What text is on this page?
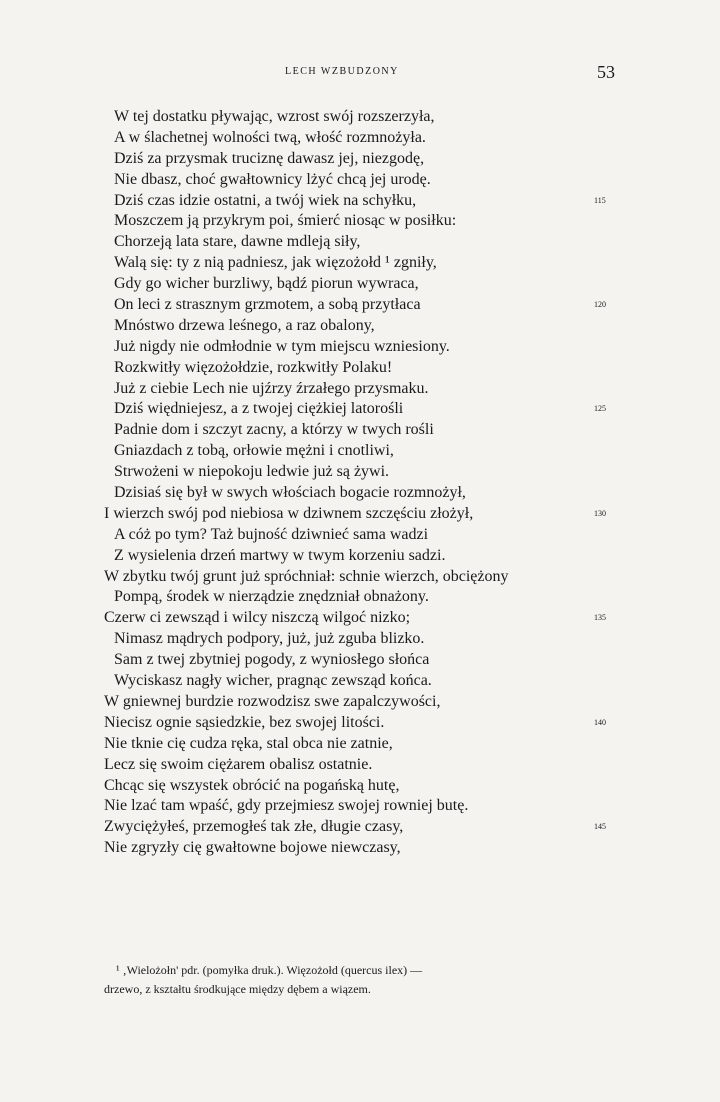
LECH WZBUDZONY	53
W tej dostatku pływając, wzrost swój rozszerzyła,
A w ślachetnej wolności twą, włość rozmnożyła.
Dziś za przysmak truciznę dawasz jej, niezgodę,
Nie dbasz, choć gwałtownicy lżyć chcą jej urodę.
Dziś czas idzie ostatni, a twój wiek na schyłku,	115
Moszczem ją przykrym poi, śmierć niosąc w posiłku:
Chorzeją lata stare, dawne mdleją siły,
Walą się: ty z nią padniesz, jak więzożołd ¹ zgniły,
Gdy go wicher burzliwy, bądź piorun wywraca,
On leci z strasznym grzmotem, a sobą przytłaca	120
Mnóstwo drzewa leśnego, a raz obalony,
Już nigdy nie odmłodnie w tym miejscu wzniesiony.
Rozkwitły więzożołdzie, rozkwitły Polaku!
Już z ciebie Lech nie ujźrzy źrzałego przysmaku.
Dziś więdniejesz, a z twojej ciężkiej latorośli	125
Padnie dom i szczyt zacny, a którzy w twych rośli
Gniazdach z tobą, orłowie mężni i cnotliwi,
Strwożeni w niepokoju ledwie już są żywi.
Dzisiaś się był w swych włościach bogacie rozmnożył,
I wierzch swój pod niebiosa w dziwnem szczęściu złożył,	130
A cóż po tym? Taż bujność dziwnieć sama wadzi
Z wysielenia drzeń martwy w twym korzeniu sadzi.
W zbytku twój grunt już spróchniał: schnie wierzch, obciężony
Pompą, środek w nierządzie znędzniał obnażony.
Czerw ci zewsząd i wilcy niszczą wilgoć nizko;	135
Nimasz mądrych podpory, już, już zguba blizko.
Sam z twej zbytniej pogody, z wyniosłego słońca
Wyciskasz nagły wicher, pragnąc zewsząd końca.
W gniewnej burdzie rozwodzisz swe zapalczywości,
Niecisz ognie sąsiedzkie, bez swojej litości.	140
Nie tknie cię cudza ręka, stal obca nie zatnie,
Lecz się swoim ciężarem obalisz ostatnie.
Chcąc się wszystek obrócić na pogańską hutę,
Nie lzać tam wpaść, gdy przejmiesz swojej rowniej butę.
Zwyciężyłeś, przemogłeś tak złe, długie czasy,	145
Nie zgryzły cię gwałtowne bojowe niewczasy,

¹ ‚Wielożołn' pdr. (pomyłka druk.). Więzożołd (quercus ilex) —

drzewo, z kształtu środkujące między dębem a wiązem.
